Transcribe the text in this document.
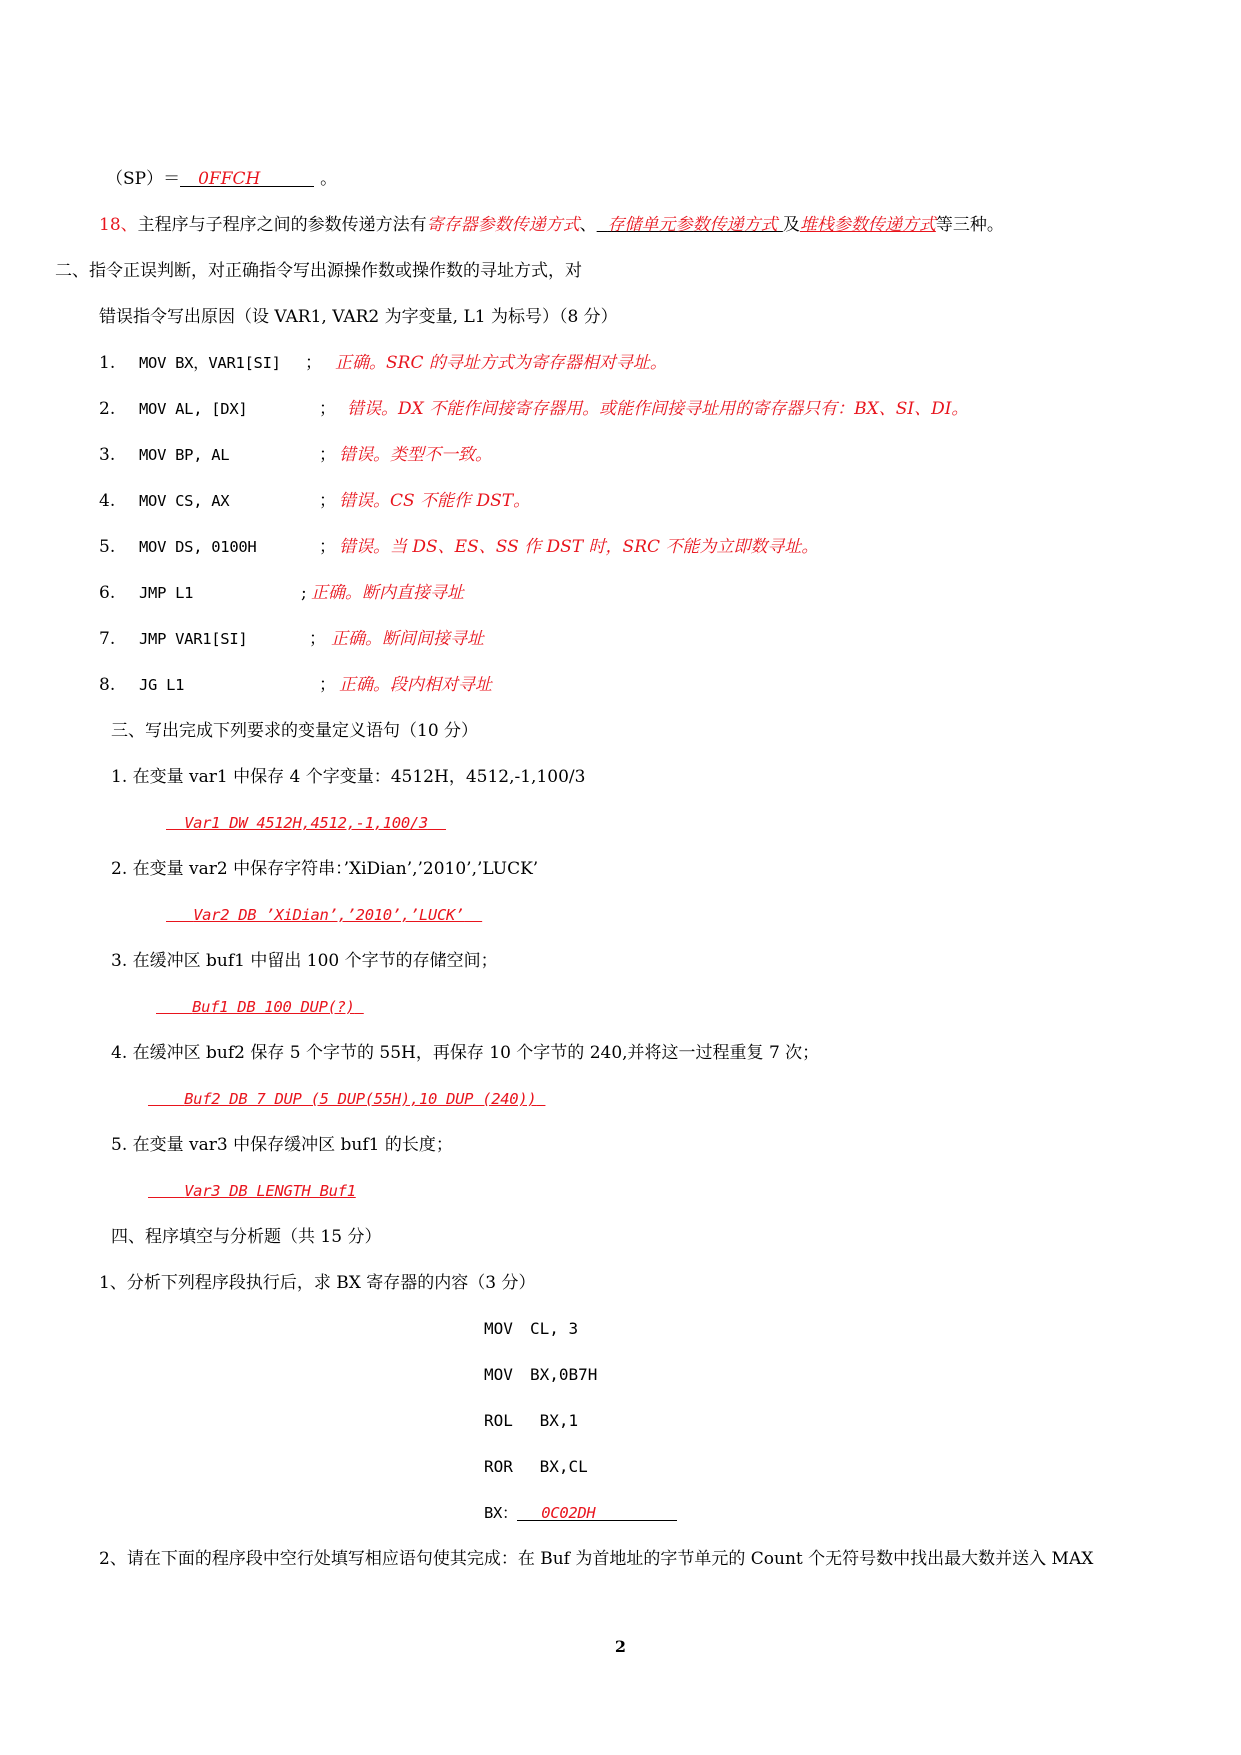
（SP）＝ 0FFCH	。
18、主程序与子程序之间的参数传递方法有寄存器参数传递方式、 存储单元参数传递方式 及堆栈参数传递方式等三种。
二、指令正误判断，对正确指令写出源操作数或操作数的寻址方式，对
错误指令写出原因（设 VAR1, VAR2 为字变量, L1 为标号）（8 分）
1. MOV BX，VAR1[SI] ； 正确。SRC 的寻址方式为寄存器相对寻址。
2. MOV AL, [DX]	； 错误。DX 不能作间接寄存器用。或能作间接寻址用的寄存器只有：BX、SI、DI。
3. MOV BP, AL	； 错误。类型不一致。
4. MOV CS, AX	； 错误。CS 不能作 DST。
5. MOV DS, 0100H	； 错误。当 DS、ES、SS 作 DST 时，SRC 不能为立即数寻址。
6. JMP L1	; 正确。断内直接寻址
7. JMP VAR1[SI]	； 正确。断间间接寻址
8. JG L1	； 正确。段内相对寻址
三、写出完成下列要求的变量定义语句（10 分）
1. 在变量 var1 中保存 4 个字变量：4512H，4512,-1,100/3
Var1 DW 4512H,4512,-1,100/3
2. 在变量 var2 中保存字符串：’XiDian’,’2010’,’LUCK’
Var2 DB ’XiDian’,’2010’,’LUCK’
3. 在缓冲区 buf1 中留出 100 个字节的存储空间；
Buf1 DB 100 DUP(?)
4. 在缓冲区 buf2 保存 5 个字节的 55H，再保存 10 个字节的 240,并将这一过程重复 7 次；
Buf2 DB 7 DUP (5 DUP(55H),10 DUP (240))
5. 在变量 var3 中保存缓冲区 buf1 的长度；
Var3 DB LENGTH Buf1
四、程序填空与分析题（共 15 分）
1、分析下列程序段执行后，求 BX 寄存器的内容（3 分）
MOV CL, 3
MOV BX,0B7H
ROL BX,1
ROR BX,CL
BX： 0C02DH
2、请在下面的程序段中空行处填写相应语句使其完成：在 Buf 为首地址的字节单元的 Count 个无符号数中找出最大数并送入 MAX
2
